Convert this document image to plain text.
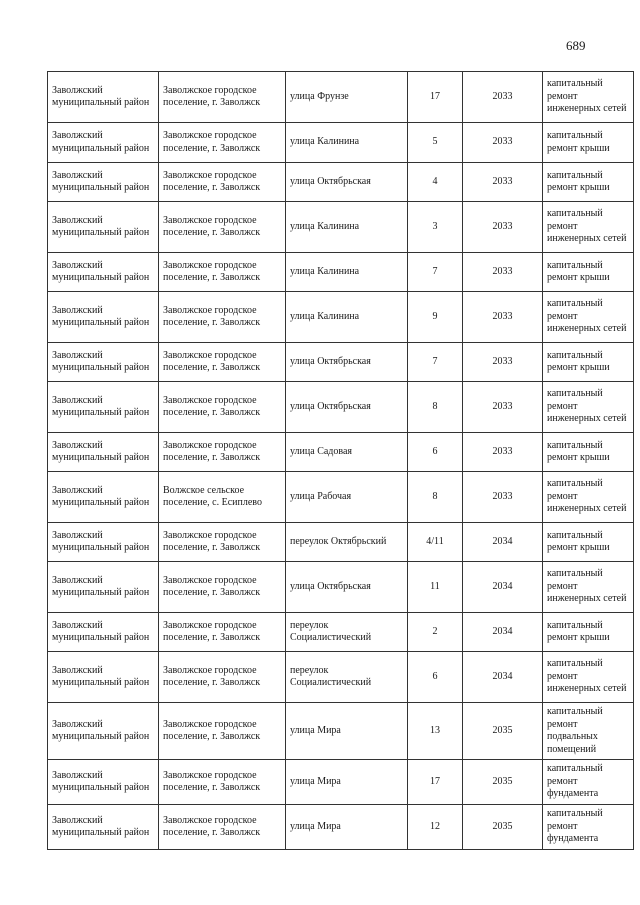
689
Заволжский муниципальный район	Заволжское городское поселение, г. Заволжск	улица Фрунзе	17	2033	капитальный ремонт инженерных сетей
Заволжский муниципальный район	Заволжское городское поселение, г. Заволжск	улица Калинина	5	2033	капитальный ремонт крыши
Заволжский муниципальный район	Заволжское городское поселение, г. Заволжск	улица Октябрьская	4	2033	капитальный ремонт крыши
Заволжский муниципальный район	Заволжское городское поселение, г. Заволжск	улица Калинина	3	2033	капитальный ремонт инженерных сетей
Заволжский муниципальный район	Заволжское городское поселение, г. Заволжск	улица Калинина	7	2033	капитальный ремонт крыши
Заволжский муниципальный район	Заволжское городское поселение, г. Заволжск	улица Калинина	9	2033	капитальный ремонт инженерных сетей
Заволжский муниципальный район	Заволжское городское поселение, г. Заволжск	улица Октябрьская	7	2033	капитальный ремонт крыши
Заволжский муниципальный район	Заволжское городское поселение, г. Заволжск	улица Октябрьская	8	2033	капитальный ремонт инженерных сетей
Заволжский муниципальный район	Заволжское городское поселение, г. Заволжск	улица Садовая	6	2033	капитальный ремонт крыши
Заволжский муниципальный район	Волжское сельское поселение, с. Есиплево	улица Рабочая	8	2033	капитальный ремонт инженерных сетей
Заволжский муниципальный район	Заволжское городское поселение, г. Заволжск	переулок Октябрьский	4/11	2034	капитальный ремонт крыши
Заволжский муниципальный район	Заволжское городское поселение, г. Заволжск	улица Октябрьская	11	2034	капитальный ремонт инженерных сетей
Заволжский муниципальный район	Заволжское городское поселение, г. Заволжск	переулок Социалистический	2	2034	капитальный ремонт крыши
Заволжский муниципальный район	Заволжское городское поселение, г. Заволжск	переулок Социалистический	6	2034	капитальный ремонт инженерных сетей
Заволжский муниципальный район	Заволжское городское поселение, г. Заволжск	улица Мира	13	2035	капитальный ремонт подвальных помещений
Заволжский муниципальный район	Заволжское городское поселение, г. Заволжск	улица Мира	17	2035	капитальный ремонт фундамента
Заволжский муниципальный район	Заволжское городское поселение, г. Заволжск	улица Мира	12	2035	капитальный ремонт фундамента
